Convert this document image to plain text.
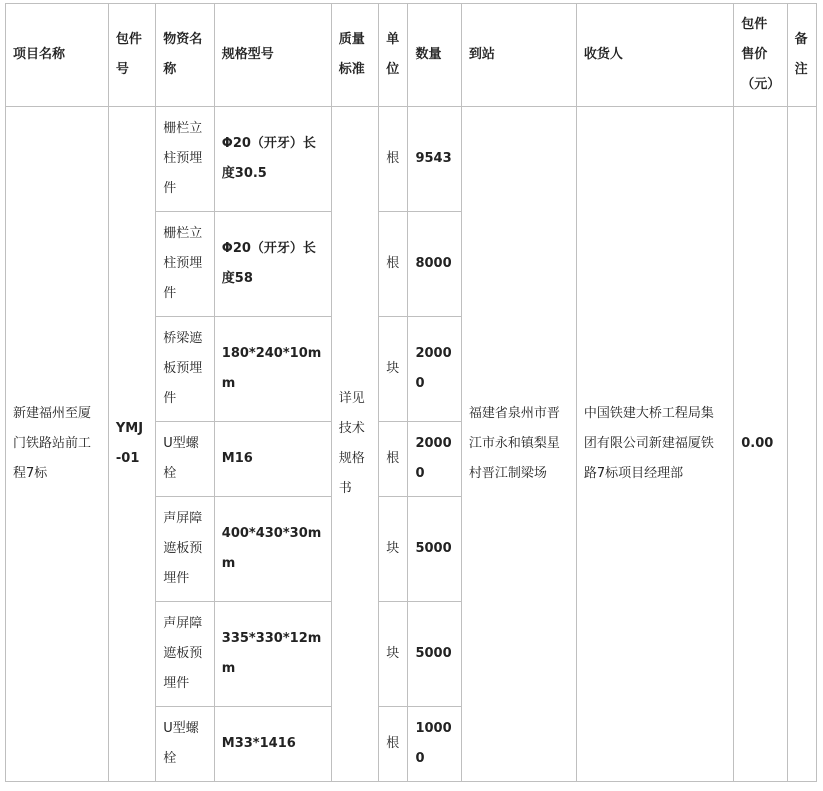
项目名称	包件号	物资名称	规格型号	质量标准	单位	数量	到站	收货人	包件售价（元）	备注
新建福州至厦门铁路站前工程7标	YMJ-01	栅栏立柱预埋件	Φ20（开牙）长度30.5	详见技术规格书	根	9543	福建省泉州市晋江市永和镇梨星村晋江制梁场	中国铁建大桥工程局集团有限公司新建福厦铁路7标项目经理部	0.00	
		栅栏立柱预埋件	Φ20（开牙）长度58		根	8000				
		桥梁遮板预埋件	180*240*10mm		块	20000				
		U型螺栓	M16		根	20000				
		声屏障遮板预埋件	400*430*30mm		块	5000				
		声屏障遮板预埋件	335*330*12mm		块	5000				
		U型螺栓	M33*1416		根	10000				
